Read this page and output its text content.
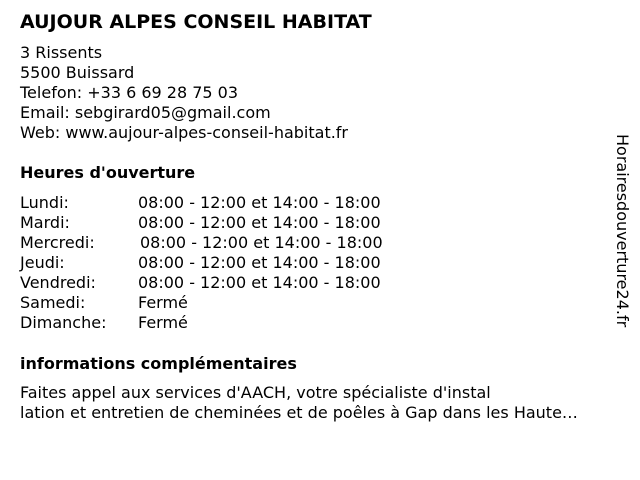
AUJOUR ALPES CONSEIL HABITAT
3 Rissents
5500 Buissard
Telefon: +33 6 69 28 75 03
Email: sebgirard05@gmail.com
Web: www.aujour-alpes-conseil-habitat.fr
Heures d'ouverture
Lundi:	08:00 - 12:00 et 14:00 - 18:00
Mardi:	08:00 - 12:00 et 14:00 - 18:00
Mercredi:	08:00 - 12:00 et 14:00 - 18:00
Jeudi:	08:00 - 12:00 et 14:00 - 18:00
Vendredi:	08:00 - 12:00 et 14:00 - 18:00
Samedi:	Fermé
Dimanche: Fermé
informations complémentaires
Faites appel aux services d'AACH, votre spécialiste d'instal
lation et entretien de cheminées et de poêles à Gap dans les Haute…
Horairesdouverture24.fr
